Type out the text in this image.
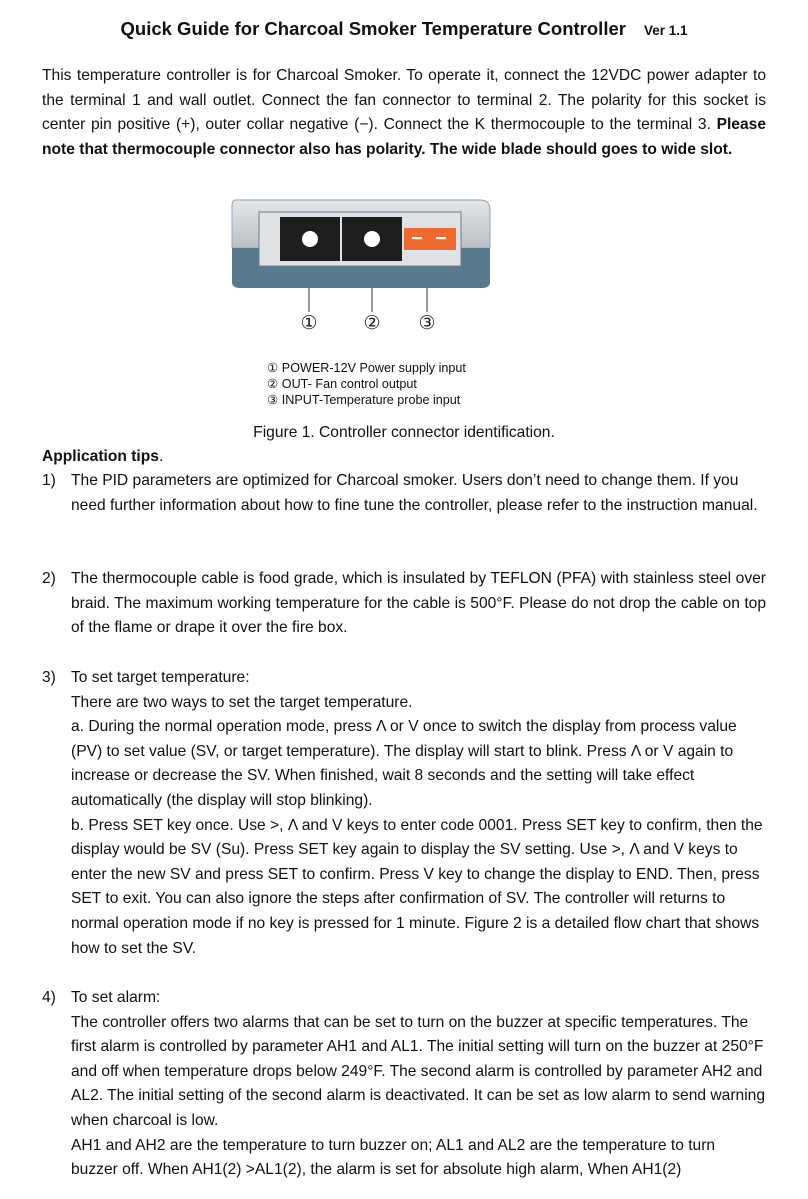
Quick Guide for Charcoal Smoker Temperature Controller Ver 1.1
This temperature controller is for Charcoal Smoker. To operate it, connect the 12VDC power adapter to the terminal 1 and wall outlet. Connect the fan connector to terminal 2. The polarity for this socket is center pin positive (+), outer collar negative (−). Connect the K thermocouple to the terminal 3. Please note that thermocouple connector also has polarity. The wide blade should goes to wide slot.
① ② ③
① POWER-12V Power supply input
② OUT- Fan control output
③ INPUT-Temperature probe input
Figure 1. Controller connector identification.
Application tips.
1) The PID parameters are optimized for Charcoal smoker. Users don’t need to change them. If you need further information about how to fine tune the controller, please refer to the instruction manual.

2) The thermocouple cable is food grade, which is insulated by TEFLON (PFA) with stainless steel over braid. The maximum working temperature for the cable is 500°F. Please do not drop the cable on top of the flame or drape it over the fire box.

3) To set target temperature:

There are two ways to set the target temperature.

a. During the normal operation mode, press Λ or V once to switch the display from process value (PV) to set value (SV, or target temperature). The display will start to blink. Press Λ or V again to increase or decrease the SV. When finished, wait 8 seconds and the setting will take effect automatically (the display will stop blinking).

b. Press SET key once. Use >, Λ and V keys to enter code 0001. Press SET key to confirm, then the display would be SV (Su). Press SET key again to display the SV setting. Use >, Λ and V keys to enter the new SV and press SET to confirm. Press V key to change the display to END. Then, press SET to exit. You can also ignore the steps after confirmation of SV. The controller will returns to normal operation mode if no key is pressed for 1 minute. Figure 2 is a detailed flow chart that shows how to set the SV.

4) To set alarm:

The controller offers two alarms that can be set to turn on the buzzer at specific temperatures. The first alarm is controlled by parameter AH1 and AL1. The initial setting will turn on the buzzer at 250°F and off when temperature drops below 249°F. The second alarm is controlled by parameter AH2 and AL2. The initial setting of the second alarm is deactivated. It can be set as low alarm to send warning when charcoal is low.

AH1 and AH2 are the temperature to turn buzzer on; AL1 and AL2 are the temperature to turn buzzer off. When AH1(2) >AL1(2), the alarm is set for absolute high alarm, When AH1(2)
